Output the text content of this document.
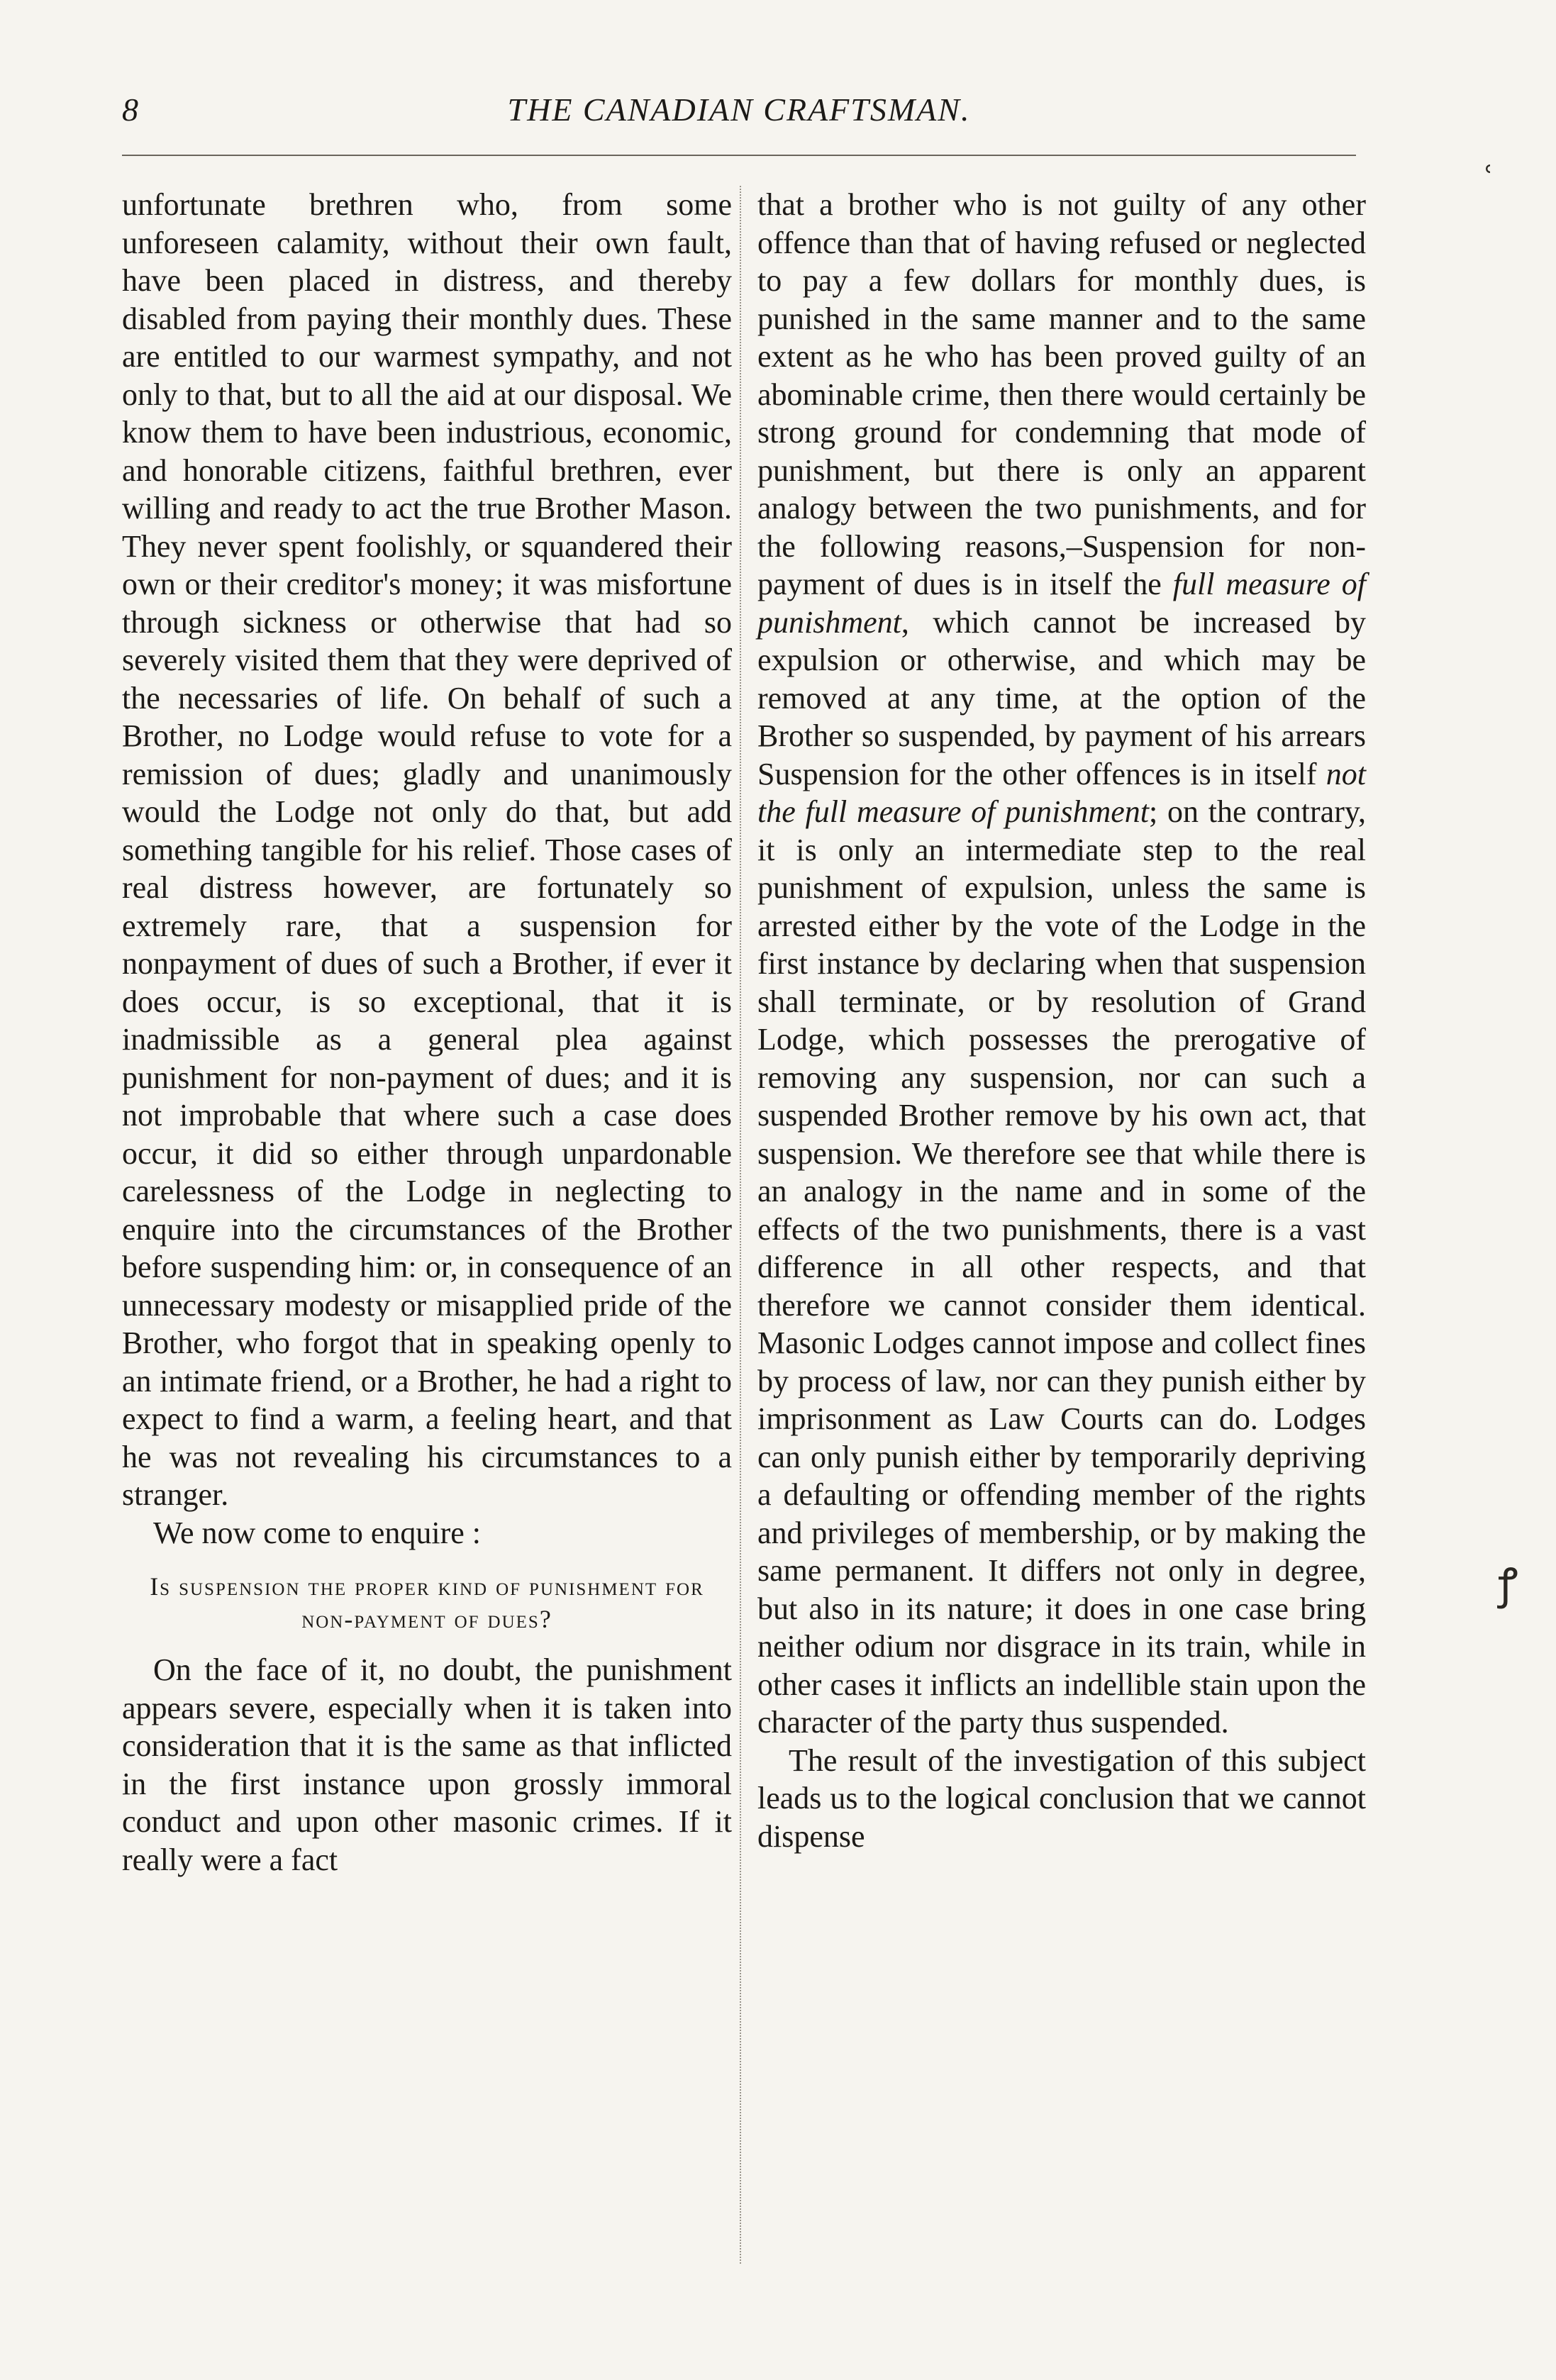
8	THE CANADIAN CRAFTSMAN.

unfortunate brethren who, from some unforeseen calamity, without their own fault, have been placed in distress, and thereby disabled from paying their monthly dues. These are entitled to our warmest sympathy, and not only to that, but to all the aid at our disposal. We know them to have been industrious, economic, and honorable citizens, faithful brethren, ever willing and ready to act the true Brother Mason. They never spent foolishly, or squandered their own or their creditor's money; it was misfortune through sickness or otherwise that had so severely visited them that they were deprived of the necessaries of life. On behalf of such a Brother, no Lodge would refuse to vote for a remission of dues; gladly and unanimously would the Lodge not only do that, but add something tangible for his relief. Those cases of real distress however, are fortunately so extremely rare, that a suspension for nonpayment of dues of such a Brother, if ever it does occur, is so exceptional, that it is inadmissible as a general plea against punishment for non-payment of dues; and it is not improbable that where such a case does occur, it did so either through unpardonable carelessness of the Lodge in neglecting to enquire into the circumstances of the Brother before suspending him: or, in consequence of an unnecessary modesty or misapplied pride of the Brother, who forgot that in speaking openly to an intimate friend, or a Brother, he had a right to expect to find a warm, a feeling heart, and that he was not revealing his circumstances to a stranger.

We now come to enquire :

Is suspension the proper kind of punishment for non-payment of dues?

On the face of it, no doubt, the punishment appears severe, especially when it is taken into consideration that it is the same as that inflicted in the first instance upon grossly immoral conduct and upon other masonic crimes. If it really were a fact

that a brother who is not guilty of any other offence than that of having refused or neglected to pay a few dollars for monthly dues, is punished in the same manner and to the same extent as he who has been proved guilty of an abominable crime, then there would certainly be strong ground for condemning that mode of punishment, but there is only an apparent analogy between the two punishments, and for the following reasons,–Suspension for non-payment of dues is in itself the full measure of punishment, which cannot be increased by expulsion or otherwise, and which may be removed at any time, at the option of the Brother so suspended, by payment of his arrears Suspension for the other offences is in itself not the full measure of punishment; on the contrary, it is only an intermediate step to the real punishment of expulsion, unless the same is arrested either by the vote of the Lodge in the first instance by declaring when that suspension shall terminate, or by resolution of Grand Lodge, which possesses the prerogative of removing any suspension, nor can such a suspended Brother remove by his own act, that suspension. We therefore see that while there is an analogy in the name and in some of the effects of the two punishments, there is a vast difference in all other respects, and that therefore we cannot consider them identical. Masonic Lodges cannot impose and collect fines by process of law, nor can they punish either by imprisonment as Law Courts can do. Lodges can only punish either by temporarily depriving a defaulting or offending member of the rights and privileges of membership, or by making the same permanent. It differs not only in degree, but also in its nature; it does in one case bring neither odium nor disgrace in its train, while in other cases it inflicts an indellible stain upon the character of the party thus suspended.

The result of the investigation of this subject leads us to the logical conclusion that we cannot dispense

ʿ
ꝭ
